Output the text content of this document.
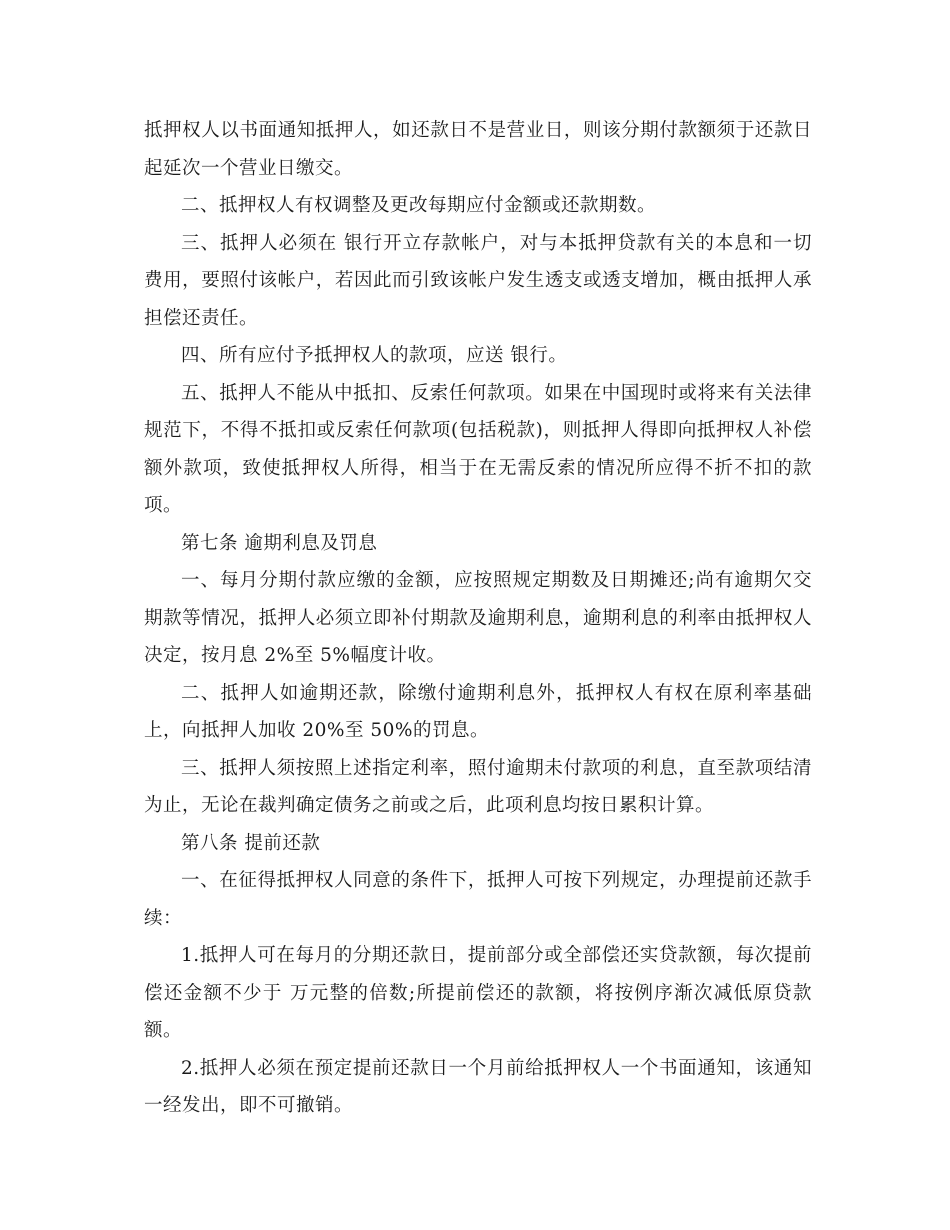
抵押权人以书面通知抵押人，如还款日不是营业日，则该分期付款额须于还款日起延次一个营业日缴交。

二、抵押权人有权调整及更改每期应付金额或还款期数。

三、抵押人必须在 银行开立存款帐户，对与本抵押贷款有关的本息和一切费用，要照付该帐户，若因此而引致该帐户发生透支或透支增加，概由抵押人承担偿还责任。

四、所有应付予抵押权人的款项，应送 银行。

五、抵押人不能从中抵扣、反索任何款项。如果在中国现时或将来有关法律规范下，不得不抵扣或反索任何款项(包括税款)，则抵押人得即向抵押权人补偿额外款项，致使抵押权人所得，相当于在无需反索的情况所应得不折不扣的款项。

第七条 逾期利息及罚息

一、每月分期付款应缴的金额，应按照规定期数及日期摊还;尚有逾期欠交期款等情况，抵押人必须立即补付期款及逾期利息，逾期利息的利率由抵押权人决定，按月息 2%至 5%幅度计收。

二、抵押人如逾期还款，除缴付逾期利息外，抵押权人有权在原利率基础上，向抵押人加收 20%至 50%的罚息。

三、抵押人须按照上述指定利率，照付逾期未付款项的利息，直至款项结清为止，无论在裁判确定债务之前或之后，此项利息均按日累积计算。

第八条 提前还款

一、在征得抵押权人同意的条件下，抵押人可按下列规定，办理提前还款手续：

1.抵押人可在每月的分期还款日，提前部分或全部偿还实贷款额，每次提前偿还金额不少于 万元整的倍数;所提前偿还的款额，将按例序渐次减低原贷款额。

2.抵押人必须在预定提前还款日一个月前给抵押权人一个书面通知，该通知一经发出，即不可撤销。
